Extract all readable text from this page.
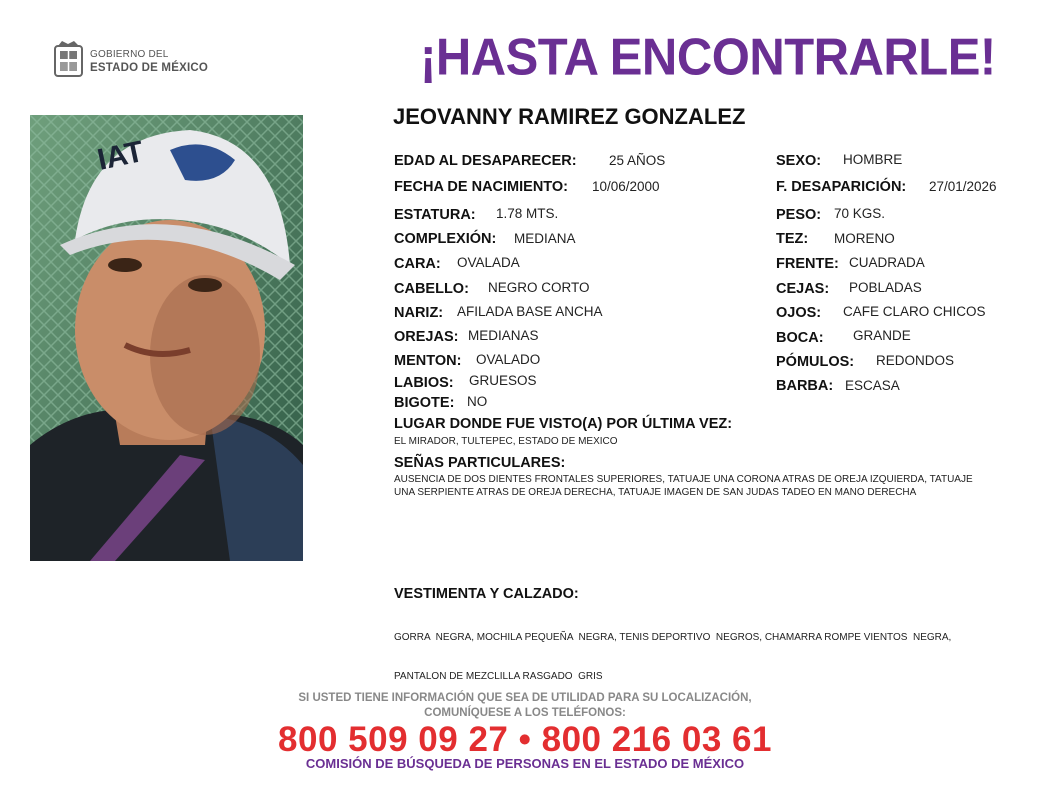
GOBIERNO DEL
ESTADO DE MÉXICO	¡HASTA ENCONTRARLE!
JEOVANNY RAMIREZ GONZALEZ
IAT	EDAD AL DESAPARECER: 25 AÑOS
FECHA DE NACIMIENTO: 10/06/2000
ESTATURA: 1.78 MTS.
COMPLEXIÓN: MEDIANA
CARA: OVALADA
CABELLO: NEGRO CORTO
NARIZ: AFILADA BASE ANCHA
OREJAS: MEDIANAS
MENTON: OVALADO
LABIOS: GRUESOS
BIGOTE: NO
SEXO: HOMBRE
F. DESAPARICIÓN: 27/01/2026
PESO: 70 KGS.
TEZ: MORENO
FRENTE: CUADRADA
CEJAS: POBLADAS
OJOS: CAFE CLARO CHICOS
BOCA: GRANDE
PÓMULOS: REDONDOS
BARBA: ESCASA
LUGAR DONDE FUE VISTO(A) POR ÚLTIMA VEZ:
EL MIRADOR, TULTEPEC, ESTADO DE MEXICO
SEÑAS PARTICULARES:
AUSENCIA DE DOS DIENTES FRONTALES SUPERIORES, TATUAJE UNA CORONA ATRAS DE OREJA IZQUIERDA, TATUAJE
UNA SERPIENTE ATRAS DE OREJA DERECHA, TATUAJE IMAGEN DE SAN JUDAS TADEO EN MANO DERECHA
VESTIMENTA Y CALZADO:

GORRA  NEGRA, MOCHILA PEQUEÑA  NEGRA, TENIS DEPORTIVO  NEGROS, CHAMARRA ROMPE VIENTOS  NEGRA,

PANTALON DE MEZCLILLA RASGADO  GRIS

SI USTED TIENE INFORMACIÓN QUE SEA DE UTILIDAD PARA SU LOCALIZACIÓN,
COMUNÍQUESE A LOS TELÉFONOS:
800 509 09 27 • 800 216 03 61
COMISIÓN DE BÚSQUEDA DE PERSONAS EN EL ESTADO DE MÉXICO
